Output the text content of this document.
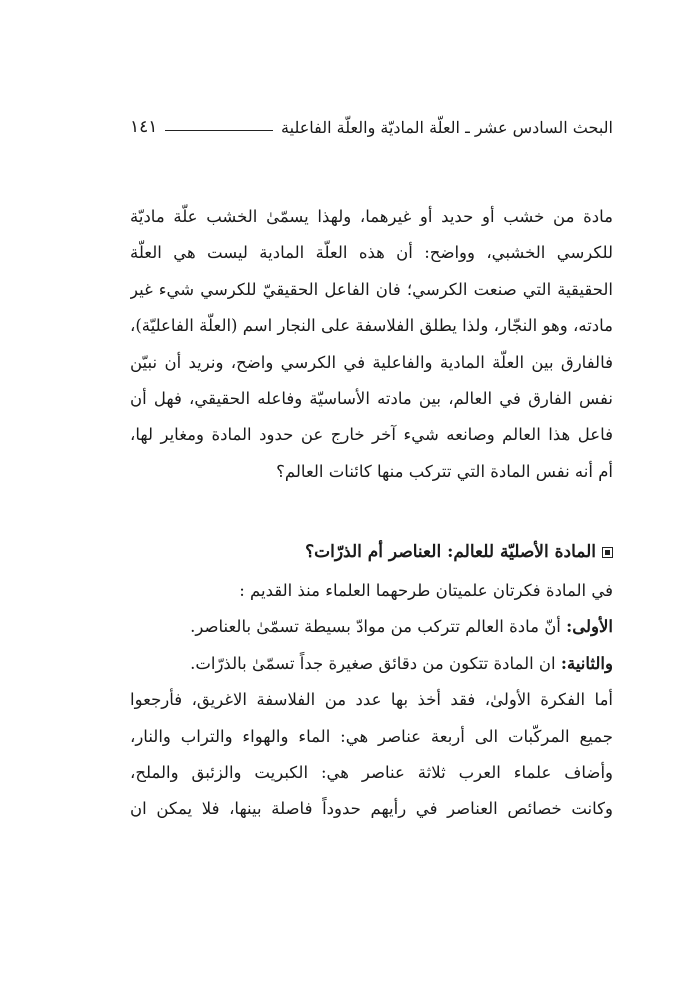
البحث السادس عشر ـ العلّة الماديّة والعلّة الفاعلية
١٤١
مادة من خشب أو حديد أو غيرهما، ولهذا يسمّىٰ الخشب علّة ماديّة
للكرسي الخشبي، وواضح: أن هذه العلّة المادية ليست هي العلّة
الحقيقية التي صنعت الكرسي؛ فان الفاعل الحقيقيّ للكرسي شيء غير
مادته، وهو النجّار، ولذا يطلق الفلاسفة على النجار اسم (العلّة الفاعليّة)،
فالفارق بين العلّة المادية والفاعلية في الكرسي واضح، ونريد أن نبيّن
نفس الفارق في العالم، بين مادته الأساسيّة وفاعله الحقيقي، فهل أن
فاعل هذا العالم وصانعه شيء آخر خارج عن حدود المادة ومغاير لها،
أم أنه نفس المادة التي تتركب منها كائنات العالم؟
المادة الأصليّة للعالم: العناصر أم الذرّات؟
في المادة فكرتان علميتان طرحهما العلماء منذ القديم :
الأولى: أنّ مادة العالم تتركب من موادّ بسيطة تسمّىٰ بالعناصر.
والثانية: ان المادة تتكون من دقائق صغيرة جداً تسمّىٰ بالذرّات.
أما الفكرة الأولىٰ، فقد أخذ بها عدد من الفلاسفة الاغريق، فأرجعوا
جميع المركّبات الى أربعة عناصر هي: الماء والهواء والتراب والنار،
وأضاف علماء العرب ثلاثة عناصر هي: الكبريت والزئبق والملح،
وكانت خصائص العناصر في رأيهم حدوداً فاصلة بينها، فلا يمكن ان
